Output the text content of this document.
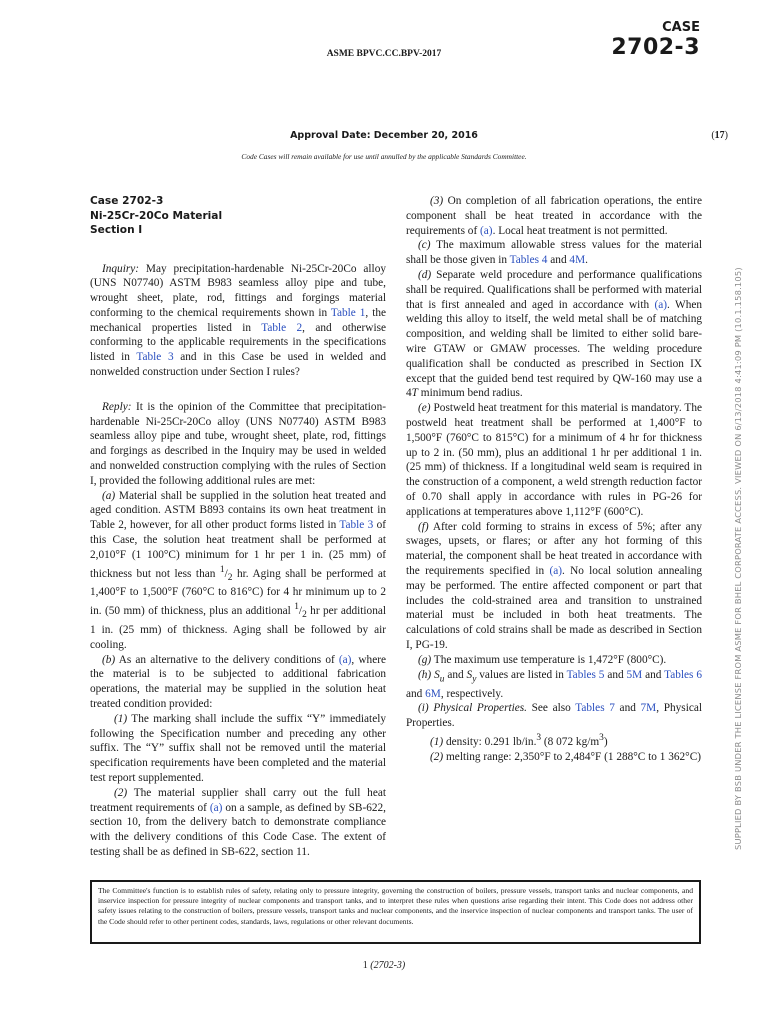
CASE
2702-3
ASME BPVC.CC.BPV-2017
Approval Date: December 20, 2016	(17)
Code Cases will remain available for use until annulled by the applicable Standards Committee.
Case 2702-3
Ni-25Cr-20Co Material
Section I

Inquiry: May precipitation-hardenable Ni-25Cr-20Co alloy (UNS N07740) ASTM B983 seamless alloy pipe and tube, wrought sheet, plate, rod, fittings and forgings material conforming to the chemical requirements shown in Table 1, the mechanical properties listed in Table 2, and otherwise conforming to the applicable requirements in the specifications listed in Table 3 and in this Case be used in welded and nonwelded construction under Section I rules?

Reply: It is the opinion of the Committee that precipitation-hardenable Ni-25Cr-20Co alloy (UNS N07740) ASTM B983 seamless alloy pipe and tube, wrought sheet, plate, rod, fittings and forgings as described in the Inquiry may be used in welded and nonwelded construction complying with the rules of Section I, provided the following additional rules are met:

(a) Material shall be supplied in the solution heat treated and aged condition. ASTM B893 contains its own heat treatment in Table 2, however, for all other product forms listed in Table 3 of this Case, the solution heat treatment shall be performed at 2,010°F (1 100°C) minimum for 1 hr per 1 in. (25 mm) of thickness but not less than $^1/_2$ hr. Aging shall be performed at 1,400°F to 1,500°F (760°C to 816°C) for 4 hr minimum up to 2 in. (50 mm) of thickness, plus an additional $^1/_2$ hr per additional 1 in. (25 mm) of thickness. Aging shall be followed by air cooling.

(b) As an alternative to the delivery conditions of (a), where the material is to be subjected to additional fabrication operations, the material may be supplied in the solution heat treated condition provided:

(1) The marking shall include the suffix “Y” immediately following the Specification number and preceding any other suffix. The “Y” suffix shall not be removed until the material specification requirements have been completed and the material test report supplemented.

(2) The material supplier shall carry out the full heat treatment requirements of (a) on a sample, as defined by SB-622, section 10, from the delivery batch to demonstrate compliance with the delivery conditions of this Code Case. The extent of testing shall be as defined in SB-622, section 11.

(3) On completion of all fabrication operations, the entire component shall be heat treated in accordance with the requirements of (a). Local heat treatment is not permitted.

(c) The maximum allowable stress values for the material shall be those given in Tables 4 and 4M.

(d) Separate weld procedure and performance qualifications shall be required. Qualifications shall be performed with material that is first annealed and aged in accordance with (a). When welding this alloy to itself, the weld metal shall be of matching composition, and welding shall be limited to either solid bare-wire GTAW or GMAW processes. The welding procedure qualification shall be conducted as prescribed in Section IX except that the guided bend test required by QW-160 may use a 4T minimum bend radius.

(e) Postweld heat treatment for this material is mandatory. The postweld heat treatment shall be performed at 1,400°F to 1,500°F (760°C to 815°C) for a minimum of 4 hr for thickness up to 2 in. (50 mm), plus an additional 1 hr per additional 1 in. (25 mm) of thickness. If a longitudinal weld seam is required in the construction of a component, a weld strength reduction factor of 0.70 shall apply in accordance with rules in PG-26 for applications at temperatures above 1,112°F (600°C).

(f) After cold forming to strains in excess of 5%; after any swages, upsets, or flares; or after any hot forming of this material, the component shall be heat treated in accordance with the requirements specified in (a). No local solution annealing may be performed. The entire affected component or part that includes the cold-strained area and transition to unstrained material must be included in both heat treatments. The calculations of cold strains shall be made as described in Section I, PG-19.

(g) The maximum use temperature is 1,472°F (800°C).

(h) $S_u$ and $S_y$ values are listed in Tables 5 and 5M and Tables 6 and 6M, respectively.

(i) Physical Properties. See also Tables 7 and 7M, Physical Properties.

(1) density: 0.291 lb/in.$^3$ (8 072 $kg/m^3$)

(2) melting range: 2,350°F to 2,484°F (1 288°C to 1 362°C)

The Committee's function is to establish rules of safety, relating only to pressure integrity, governing the construction of boilers, pressure vessels, transport tanks and nuclear components, and inservice inspection for pressure integrity of nuclear components and transport tanks, and to interpret these rules when questions arise regarding their intent. This Code does not address other safety issues relating to the construction of boilers, pressure vessels, transport tanks and nuclear components, and the inservice inspection of nuclear components and transport tanks. The user of the Code should refer to other pertinent codes, standards, laws, regulations or other relevant documents.
1 (2702-3)
SUPPLIED BY BSB UNDER THE LICENSE FROM ASME FOR BHEL CORPORATE ACCESS. VIEWED ON 6/13/2018 4:41:09 PM (10.1.158.105)
